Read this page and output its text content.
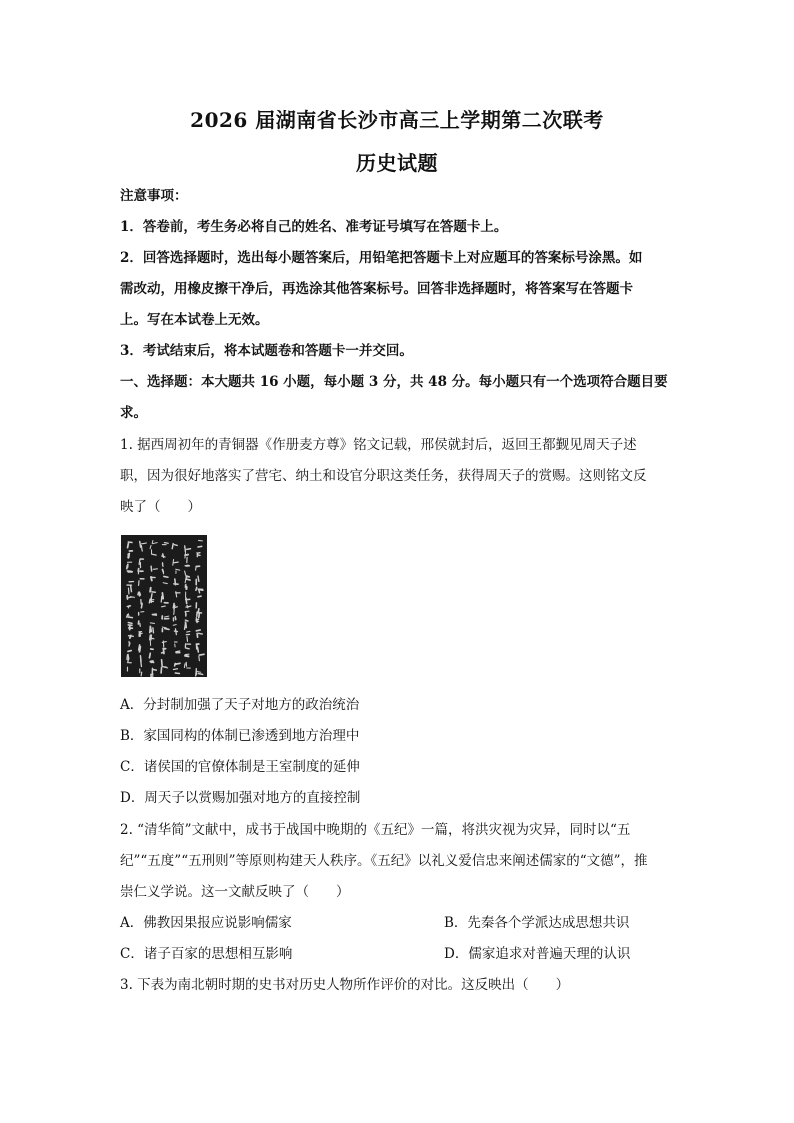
2026 届湖南省长沙市高三上学期第二次联考
历史试题
注意事项：
1．答卷前，考生务必将自己的姓名、准考证号填写在答题卡上。
2．回答选择题时，选出每小题答案后，用铅笔把答题卡上对应题耳的答案标号涂黑。如
需改动，用橡皮擦干净后，再选涂其他答案标号。回答非选择题时，将答案写在答题卡
上。写在本试卷上无效。
3．考试结束后，将本试题卷和答题卡一并交回。
一、选择题：本大题共 16 小题，每小题 3 分，共 48 分。每小题只有一个选项符合题目要
求。
1. 据西周初年的青铜器《作册麦方尊》铭文记载，邢侯就封后，返回王都觐见周天子述
职，因为很好地落实了营宅、纳土和设官分职这类任务，获得周天子的赏赐。这则铭文反
映了（　　）
A．分封制加强了天子对地方的政治统治
B．家国同构的体制已渗透到地方治理中
C．诸侯国的官僚体制是王室制度的延伸
D．周天子以赏赐加强对地方的直接控制
2. “清华简”文献中，成书于战国中晚期的《五纪》一篇，将洪灾视为灾异，同时以“五
纪”“五度”“五刑则”等原则构建天人秩序。《五纪》以礼义爱信忠来阐述儒家的“文德”，推
崇仁义学说。这一文献反映了（　　）
A．佛教因果报应说影响儒家	B．先秦各个学派达成思想共识
C．诸子百家的思想相互影响	D．儒家追求对普遍天理的认识
3. 下表为南北朝时期的史书对历史人物所作评价的对比。这反映出（　　）
